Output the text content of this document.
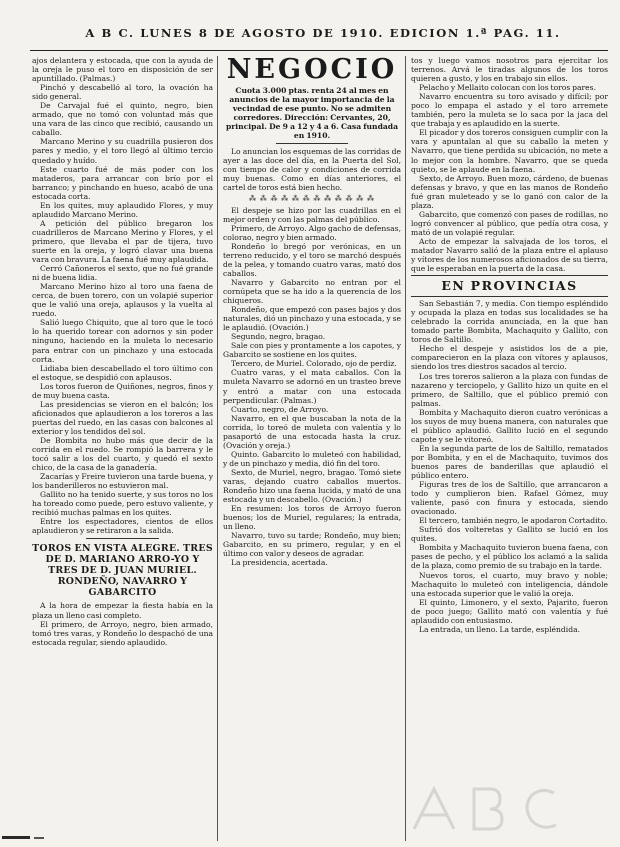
A B C. LUNES 8 DE AGOSTO DE 1910. EDICION 1.ª PAG. 11.

ajos delantera y estocada, que con la ayuda de la oreja le puso el toro en disposición de ser apuntillado. (Palmas.)

Pinchó y descabelló al toro, la ovación ha sido general.

De Carvajal fué el quinto, negro, bien armado, que no tomó con voluntad más que una vara de las cinco que recibió, causando un caballo.

Marcano Merino y su cuadrilla pusieron dos pares y medio, y el toro llegó al último tercio quedado y huído.

Este cuarto fué de más poder con los mataderos, para arrancar con brío por el barranco; y pinchando en hueso, acabó de una estocada corta.

En los quites, muy aplaudido Flores, y muy aplaudido Marcano Merino.

A petición del público bregaron los cuadrilleros de Marcano Merino y Flores, y el primero, que llevaba el par de tijera, tuvo suerte en la oreja, y logró clavar una buena vara con bravura. La faena fué muy aplaudida.

Cerró Cañoneros el sexto, que no fué grande ni de buena lidia.

Marcano Merino hizo al toro una faena de cerca, de buen torero, con un volapié superior que le valió una oreja, aplausos y la vuelta al ruedo.

Salió luego Chiquito, que al toro que le tocó lo ha querido torear con adornos y sin poder ninguno, haciendo en la muleta lo necesario para entrar con un pinchazo y una estocada corta.

Lidiaba bien descabellado el toro último con el estoque, se despidió con aplausos.

Los toros fueron de Quiñones, negros, finos y de muy buena casta.

Las presidencias se vieron en el balcón; los aficionados que aplaudieron a los toreros a las puertas del ruedo, en las casas con balcones al exterior y los tendidos del sol.

De Bombita no hubo más que decir de la corrida en el ruedo. Se rompió la barrera y le tocó salir a los del cuarto, y quedó el sexto chico, de la casa de la ganadería.

Zacarías y Freire tuvieron una tarde buena, y los banderilleros no estuvieron mal.

Gallito no ha tenido suerte, y sus toros no los ha toreado como puede, pero estuvo valiente, y recibió muchas palmas en los quites.

Entre los espectadores, cientos de ellos aplaudieron y se retiraron a la salida.

TOROS EN VISTA ALEGRE. TRES DE D. MARIANO ARRO-YO Y TRES DE D. JUAN MURIEL. RONDEÑO, NAVARRO Y GABARCITO

A la hora de empezar la fiesta había en la plaza un lleno casi completo.

El primero, de Arroyo, negro, bien armado, tomó tres varas, y Rondeño lo despachó de una estocada regular, siendo aplaudido.

NEGOCIO

Cuota 3.000 ptas. renta 24 al mes en anuncios de la mayor importancia de la vecindad de ese punto. No se admiten corredores. Dirección: Cervantes, 20, principal. De 9 a 12 y 4 a 6. Casa fundada en 1910.

Lo anuncian los esquemas de las corridas de ayer a las doce del día, en la Puerta del Sol, con tiempo de calor y condiciones de corrida muy buenas. Como en días anteriores, el cartel de toros está bien hecho.

⁂ ⁂ ⁂ ⁂ ⁂ ⁂ ⁂ ⁂ ⁂ ⁂ ⁂ ⁂

El despeje se hizo por las cuadrillas en el mejor orden y con las palmas del público.

Primero, de Arroyo. Algo gacho de defensas, colorao, negro y bien armado.

Rondeño lo bregó por verónicas, en un terreno reducido, y el toro se marchó después de la pelea, y tomando cuatro varas, mató dos caballos.

Navarro y Gabarcito no entran por el cornúpeta que se ha ido a la querencia de los chiqueros.

Rondeño, que empezó con pases bajos y dos naturales, dió un pinchazo y una estocada, y se le aplaudió. (Ovación.)

Segundo, negro, bragao.

Sale con pies y prontamente a los capotes, y Gabarcito se sostiene en los quites.

Tercero, de Muriel. Colorado, ojo de perdiz.

Cuatro varas, y el mata caballos. Con la muleta Navarro se adornó en un trasteo breve y entró a matar con una estocada perpendicular. (Palmas.)

Cuarto, negro, de Arroyo.

Navarro, en el que buscaban la nota de la corrida, lo toreó de muleta con valentía y lo pasaportó de una estocada hasta la cruz. (Ovación y oreja.)

Quinto. Gabarcito lo muleteó con habilidad, y de un pinchazo y media, dió fin del toro.

Sexto, de Muriel, negro, bragao. Tomó siete varas, dejando cuatro caballos muertos. Rondeño hizo una faena lucida, y mató de una estocada y un descabello. (Ovación.)

En resumen: los toros de Arroyo fueron buenos; los de Muriel, regulares; la entrada, un lleno.

Navarro, tuvo su tarde; Rondeño, muy bien; Gabarcito, en su primero, regular, y en el último con valor y deseos de agradar.

La presidencia, acertada.

tos y luego vamos nosotros para ejercitar los terrenos. Arvá le tiradas algunos de los toros quieren a gusto, y los en trabajo sin ellos.

Pelacho y Mellaito colocan con los toros pares.

Navarro encuentra su toro avisado y difícil; por poco lo empapa el astado y el toro arremete también, pero la muleta se lo saca por la jaca del que trabaja y es aplaudido en la suerte.

El picador y dos toreros consiguen cumplir con la vara y apuntalan al que su caballo la meten y Navarro, que tiene perdida su ubicación, no mete a lo mejor con la hombre. Navarro, que se queda quieto, se le aplaude en la faena.

Sexto, de Arroyo. Buen mozo, cárdeno, de buenas defensas y bravo, y que en las manos de Rondeño fué gran muleteado y se lo ganó con calor de la plaza.

Gabarcito, que comenzó con pases de rodillas, no logró convencer al público, que pedía otra cosa, y mató de un volapié regular.

Acto de empezar la salvajada de los toros, el matador Navarro salió de la plaza entre el aplauso y vítores de los numerosos aficionados de su tierra, que le esperaban en la puerta de la casa.

EN PROVINCIAS

San Sebastián 7, y media. Con tiempo espléndido y ocupada la plaza en todas sus localidades se ha celebrado la corrida anunciada, en la que han tomado parte Bombita, Machaquito y Gallito, con toros de Saltillo.

Hecho el despeje y asistidos los de a pie, comparecieron en la plaza con vítores y aplausos, siendo los tres diestros sacados al tercio.

Los tres toreros salieron a la plaza con fundas de nazareno y terciopelo, y Gallito hizo un quite en el primero, de Saltillo, que el público premió con palmas.

Bombita y Machaquito dieron cuatro verónicas a los suyos de muy buena manera, con naturales que el público aplaudió. Gallito lució en el segundo capote y se le vitoreó.

En la segunda parte de los de Saltillo, rematados por Bombita, y en el de Machaquito, tuvimos dos buenos pares de banderillas que aplaudió el público entero.

Figuras tres de los de Saltillo, que arrancaron a todo y cumplieron bien. Rafael Gómez, muy valiente, pasó con finura y estocada, siendo ovacionado.

El tercero, también negro, le apodaron Cortadito.

Sufrió dos volteretas y Gallito se lució en los quites.

Bombita y Machaquito tuvieron buena faena, con pases de pecho, y el público los aclamó a la salida de la plaza, como premio de su trabajo en la tarde.

Nuevos toros, el cuarto, muy bravo y noble; Machaquito lo muleteó con inteligencia, dándole una estocada superior que le valió la oreja.

El quinto, Limonero, y el sexto, Pajarito, fueron de poco juego; Gallito mató con valentía y fué aplaudido con entusiasmo.

La entrada, un lleno. La tarde, espléndida.
